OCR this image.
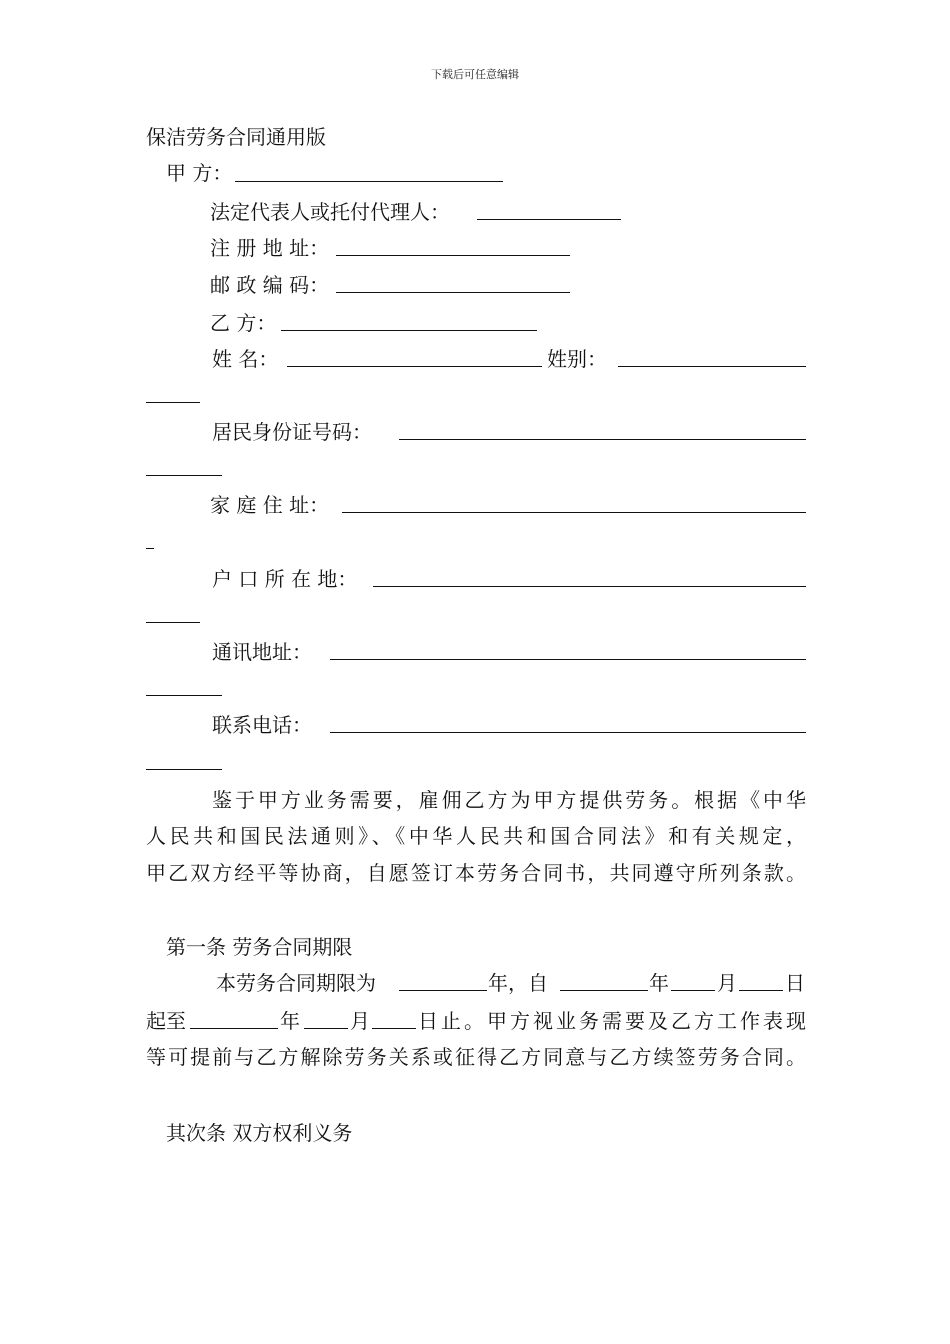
下载后可任意编辑
保洁劳务合同通用版
甲 方：
法定代表人或托付代理人：
注 册 地 址：
邮 政 编 码：
乙 方：
姓 名：	姓别：
居民身份证号码：
家 庭 住 址：
户 口 所 在 地：
通讯地址：
联系电话：
鉴于甲方业务需要，雇佣乙方为甲方提供劳务。根据《中华
人民共和国民法通则》、《中华人民共和国合同法》和有关规定，
甲乙双方经平等协商，自愿签订本劳务合同书，共同遵守所列条款。
第一条 劳务合同期限
本劳务合同期限为	年，自	年 月 日
起至	年	月 日止。甲方视业务需要及乙方工作表现
等可提前与乙方解除劳务关系或征得乙方同意与乙方续签劳务合同。
其次条 双方权利义务
